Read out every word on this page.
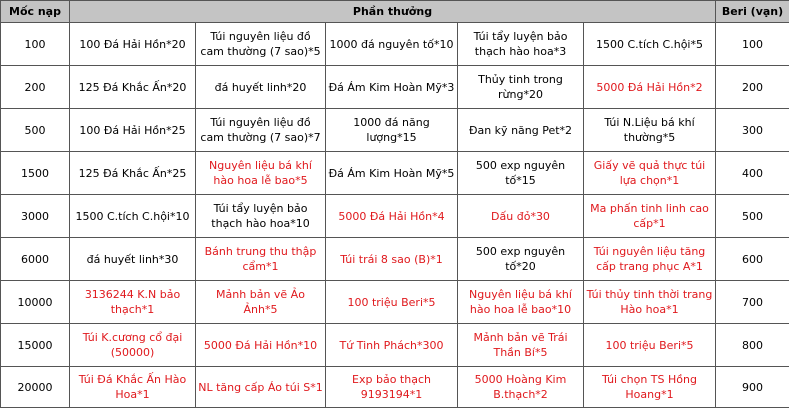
Mốc nạp	Phần thưởng					Beri (vạn)
100	100 Đá Hải Hồn*20	Túi nguyên liệu đồ cam thường (7 sao)*5	1000 đá nguyên tố*10	Túi tẩy luyện bảo thạch hào hoa*3	1500 C.tích C.hội*5	100
200	125 Đá Khắc Ấn*20	đá huyết linh*20	Đá Ám Kim Hoàn Mỹ*3	Thủy tinh trong rừng*20	5000 Đá Hải Hồn*2	200
500	100 Đá Hải Hồn*25	Túi nguyên liệu đồ cam thường (7 sao)*7	1000 đá năng lượng*15	Đan kỹ năng Pet*2	Túi N.Liệu bá khí thường*5	300
1500	125 Đá Khắc Ấn*25	Nguyên liệu bá khí hào hoa lễ bao*5	Đá Ám Kim Hoàn Mỹ*5	500 exp nguyên tố*15	Giấy vẽ quả thực túi lựa chọn*1	400
3000	1500 C.tích C.hội*10	Túi tẩy luyện bảo thạch hào hoa*10	5000 Đá Hải Hồn*4	Dấu đỏ*30	Ma phấn tinh linh cao cấp*1	500
6000	đá huyết linh*30	Bánh trung thu thập cẩm*1	Túi trái 8 sao (B)*1	500 exp nguyên tố*20	Túi nguyên liệu tăng cấp trang phục A*1	600
10000	3136244 K.N bảo thạch*1	Mảnh bản vẽ Ảo Ảnh*5	100 triệu Beri*5	Nguyên liệu bá khí hào hoa lễ bao*10	Túi thủy tinh thời trang Hào hoa*1	700
15000	Túi K.cương cổ đại (50000)	5000 Đá Hải Hồn*10	Tứ Tinh Phách*300	Mảnh bản vẽ Trái Thần Bí*5	100 triệu Beri*5	800
20000	Túi Đá Khắc Ấn Hào Hoa*1	NL tăng cấp Áo túi S*1	Exp bảo thạch 9193194*1	5000 Hoàng Kim B.thạch*2	Túi chọn TS Hồng Hoang*1	900
